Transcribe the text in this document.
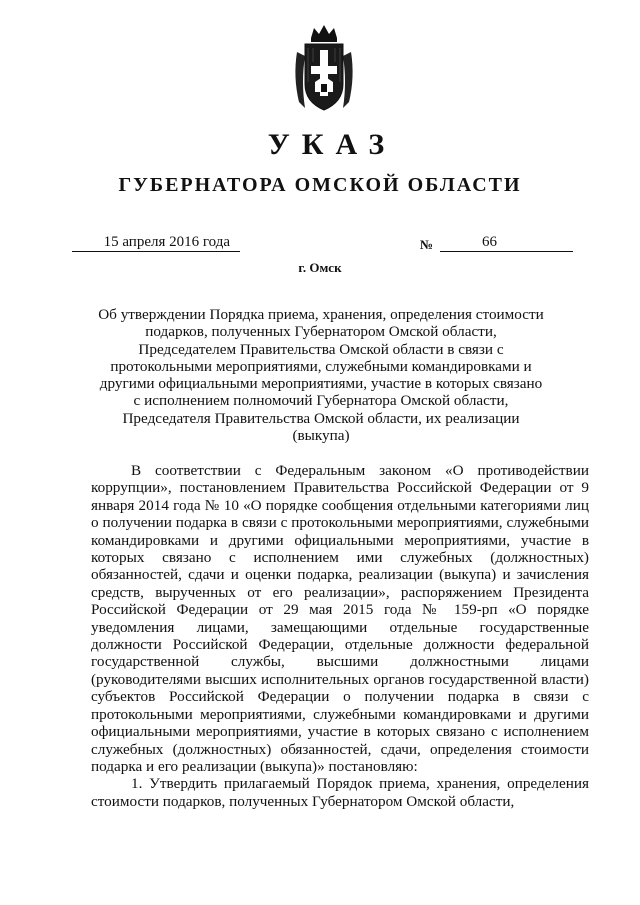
УКАЗ
ГУБЕРНАТОРА ОМСКОЙ ОБЛАСТИ
15 апреля 2016 года	№	66
г. Омск
Об утверждении Порядка приема, хранения, определения стоимости подарков, полученных Губернатором Омской области, Председателем Правительства Омской области в связи с протокольными мероприятиями, служебными командировками и другими официальными мероприятиями, участие в которых связано с исполнением полномочий Губернатора Омской области, Председателя Правительства Омской области, их реализации (выкупа)

В соответствии с Федеральным законом «О противодействии коррупции», постановлением Правительства Российской Федерации от 9 января 2014 года № 10 «О порядке сообщения отдельными категориями лиц о получении подарка в связи с протокольными мероприятиями, служебными командировками и другими официальными мероприятиями, участие в которых связано с исполнением ими служебных (должностных) обязанностей, сдачи и оценки подарка, реализации (выкупа) и зачисления средств, вырученных от его реализации», распоряжением Президента Российской Федерации от 29 мая 2015 года № 159-рп «О порядке уведомления лицами, замещающими отдельные государственные должности Российской Федерации, отдельные должности федеральной государственной службы, высшими должностными лицами (руководителями высших исполнительных органов государственной власти) субъектов Российской Федерации о получении подарка в связи с протокольными мероприятиями, служебными командировками и другими официальными мероприятиями, участие в которых связано с исполнением служебных (должностных) обязанностей, сдачи, определения стоимости подарка и его реализации (выкупа)» постановляю:

1. Утвердить прилагаемый Порядок приема, хранения, определения стоимости подарков, полученных Губернатором Омской области,
